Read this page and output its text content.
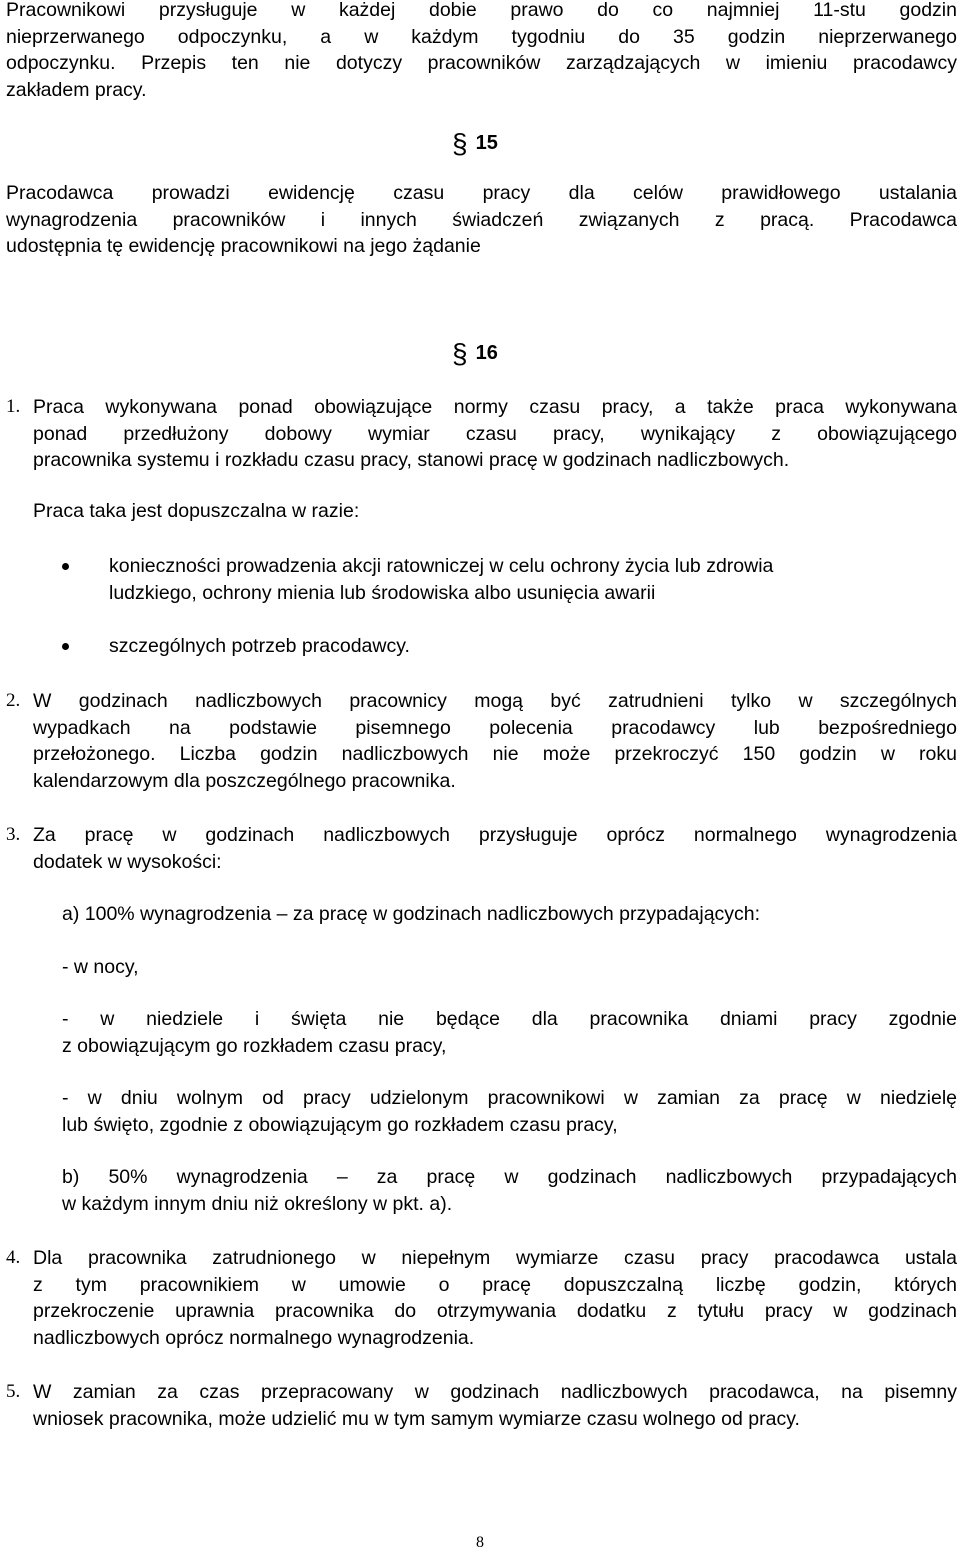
Pracownikowi przysługuje w każdej dobie prawo do co najmniej 11-stu godzin
nieprzerwanego odpoczynku, a w każdym tygodniu do 35 godzin nieprzerwanego
odpoczynku. Przepis ten nie dotyczy pracowników zarządzających w imieniu pracodawcy
zakładem pracy.

§ 15

Pracodawca prowadzi ewidencję czasu pracy dla celów prawidłowego ustalania
wynagrodzenia pracowników i innych świadczeń związanych z pracą. Pracodawca
udostępnia tę ewidencję pracownikowi na jego żądanie

§ 16
1. Praca wykonywana ponad obowiązujące normy czasu pracy, a także praca wykonywana
ponad przedłużony dobowy wymiar czasu pracy, wynikający z obowiązującego
pracownika systemu i rozkładu czasu pracy, stanowi pracę w godzinach nadliczbowych.

Praca taka jest dopuszczalna w razie:

konieczności prowadzenia akcji ratowniczej w celu ochrony życia lub zdrowia
ludzkiego, ochrony mienia lub środowiska albo usunięcia awarii

szczególnych potrzeb pracodawcy.

2. W godzinach nadliczbowych pracownicy mogą być zatrudnieni tylko w szczególnych
wypadkach na podstawie pisemnego polecenia pracodawcy lub bezpośredniego
przełożonego. Liczba godzin nadliczbowych nie może przekroczyć 150 godzin w roku
kalendarzowym dla poszczególnego pracownika.

3. Za pracę w godzinach nadliczbowych przysługuje oprócz normalnego wynagrodzenia
dodatek w wysokości:

a) 100% wynagrodzenia – za pracę w godzinach nadliczbowych przypadających:

- w nocy,

- w niedziele i święta nie będące dla pracownika dniami pracy zgodnie
z obowiązującym go rozkładem czasu pracy,

- w dniu wolnym od pracy udzielonym pracownikowi w zamian za pracę w niedzielę
lub święto, zgodnie z obowiązującym go rozkładem czasu pracy,

b) 50% wynagrodzenia – za pracę w godzinach nadliczbowych przypadających
w każdym innym dniu niż określony w pkt. a).

4. Dla pracownika zatrudnionego w niepełnym wymiarze czasu pracy pracodawca ustala
z tym pracownikiem w umowie o pracę dopuszczalną liczbę godzin, których
przekroczenie uprawnia pracownika do otrzymywania dodatku z tytułu pracy w godzinach
nadliczbowych oprócz normalnego wynagrodzenia.

5. W zamian za czas przepracowany w godzinach nadliczbowych pracodawca, na pisemny
wniosek pracownika, może udzielić mu w tym samym wymiarze czasu wolnego od pracy.

8
